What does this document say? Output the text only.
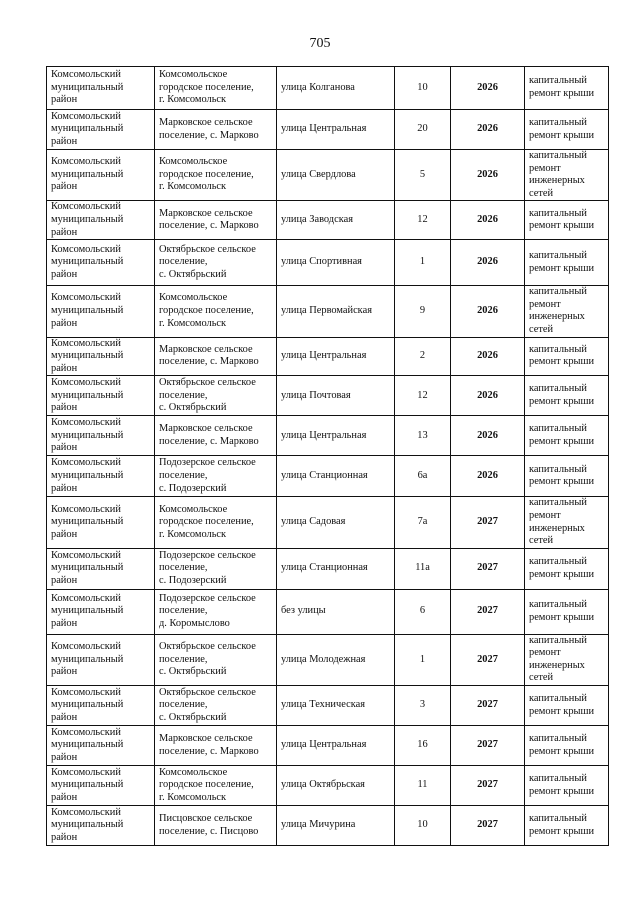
705
Комсомольский
муниципальный
район	Комсомольское
городское поселение,
г. Комсомольск	улица Колганова	10	2026	капитальный
ремонт крыши

Комсомольский
муниципальный
район	Марковское сельское
поселение, с. Марково	улица Центральная	20	2026	капитальный
ремонт крыши

Комсомольский
муниципальный
район	Комсомольское
городское поселение,
г. Комсомольск	улица Свердлова	5	2026	капитальный
ремонт
инженерных
сетей

Комсомольский
муниципальный
район	Марковское сельское
поселение, с. Марково	улица Заводская	12	2026	капитальный
ремонт крыши

Комсомольский
муниципальный
район	Октябрьское сельское
поселение,
с. Октябрьский	улица Спортивная	1	2026	капитальный
ремонт крыши

Комсомольский
муниципальный
район	Комсомольское
городское поселение,
г. Комсомольск	улица Первомайская	9	2026	капитальный
ремонт
инженерных
сетей

Комсомольский
муниципальный
район	Марковское сельское
поселение, с. Марково	улица Центральная	2	2026	капитальный
ремонт крыши

Комсомольский
муниципальный
район	Октябрьское сельское
поселение,
с. Октябрьский	улица Почтовая	12	2026	капитальный
ремонт крыши

Комсомольский
муниципальный
район	Марковское сельское
поселение, с. Марково	улица Центральная	13	2026	капитальный
ремонт крыши

Комсомольский
муниципальный
район	Подозерское сельское
поселение,
с. Подозерский	улица Станционная	6а	2026	капитальный
ремонт крыши

Комсомольский
муниципальный
район	Комсомольское
городское поселение,
г. Комсомольск	улица Садовая	7а	2027	капитальный
ремонт
инженерных
сетей

Комсомольский
муниципальный
район	Подозерское сельское
поселение,
с. Подозерский	улица Станционная	11а	2027	капитальный
ремонт крыши

Комсомольский
муниципальный
район	Подозерское сельское
поселение,
д. Коромыслово	без улицы	6	2027	капитальный
ремонт крыши

Комсомольский
муниципальный
район	Октябрьское сельское
поселение,
с. Октябрьский	улица Молодежная	1	2027	капитальный
ремонт
инженерных
сетей

Комсомольский
муниципальный
район	Октябрьское сельское
поселение,
с. Октябрьский	улица Техническая	3	2027	капитальный
ремонт крыши

Комсомольский
муниципальный
район	Марковское сельское
поселение, с. Марково	улица Центральная	16	2027	капитальный
ремонт крыши

Комсомольский
муниципальный
район	Комсомольское
городское поселение,
г. Комсомольск	улица Октябрьская	11	2027	капитальный
ремонт крыши

Комсомольский
муниципальный
район	Писцовское сельское
поселение, с. Писцово	улица Мичурина	10	2027	капитальный
ремонт крыши
